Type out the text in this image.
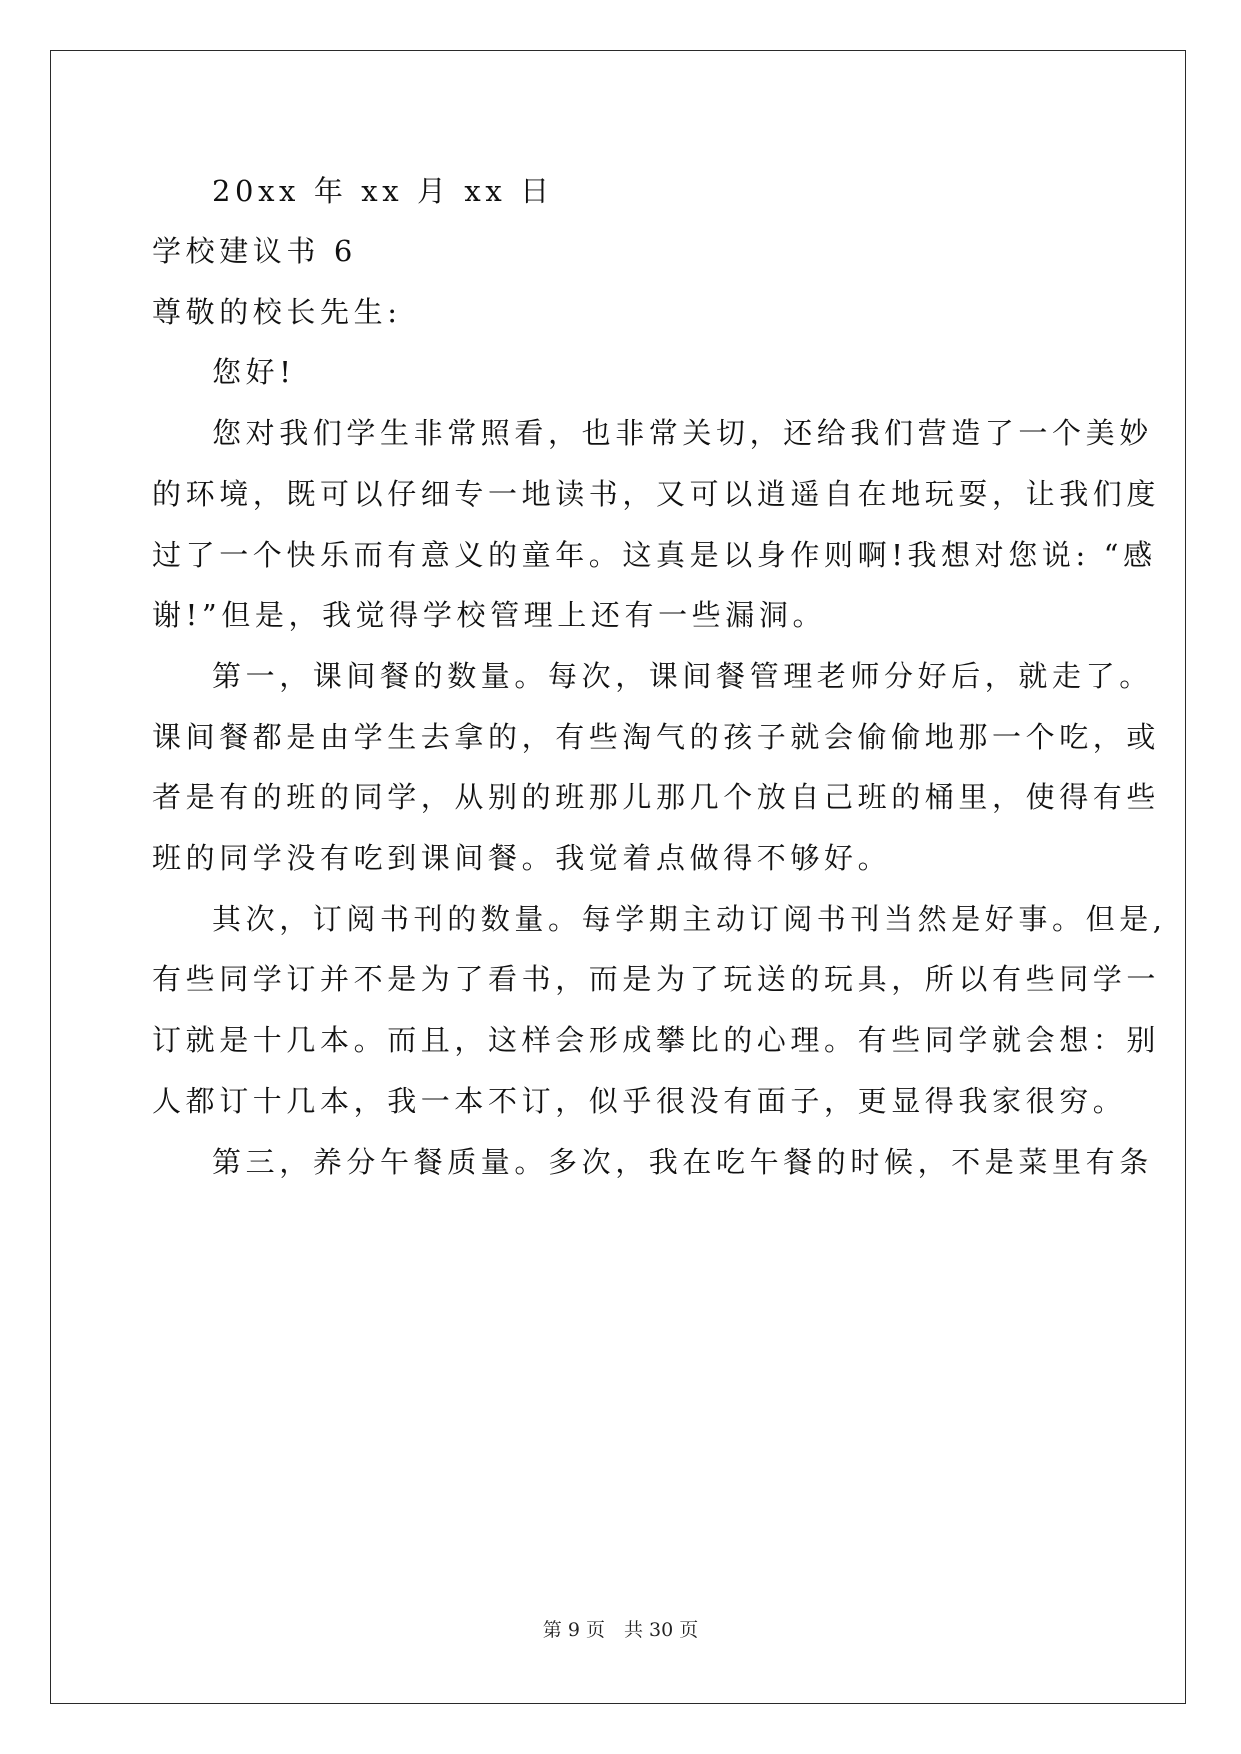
20xx 年 xx 月 xx 日
学校建议书 6
尊敬的校长先生:
您好!
您对我们学生非常照看，也非常关切，还给我们营造了一个美妙
的环境，既可以仔细专一地读书，又可以逍遥自在地玩耍，让我们度
过了一个快乐而有意义的童年。这真是以身作则啊!我想对您说: “感
谢!”但是，我觉得学校管理上还有一些漏洞。
第一，课间餐的数量。每次，课间餐管理老师分好后，就走了。
课间餐都是由学生去拿的，有些淘气的孩子就会偷偷地那一个吃，或
者是有的班的同学，从别的班那儿那几个放自己班的桶里，使得有些
班的同学没有吃到课间餐。我觉着点做得不够好。
其次，订阅书刊的数量。每学期主动订阅书刊当然是好事。但是,
有些同学订并不是为了看书，而是为了玩送的玩具，所以有些同学一
订就是十几本。而且，这样会形成攀比的心理。有些同学就会想：别
人都订十几本，我一本不订，似乎很没有面子，更显得我家很穷。
第三，养分午餐质量。多次，我在吃午餐的时候，不是菜里有条
第 9 页　共 30 页
